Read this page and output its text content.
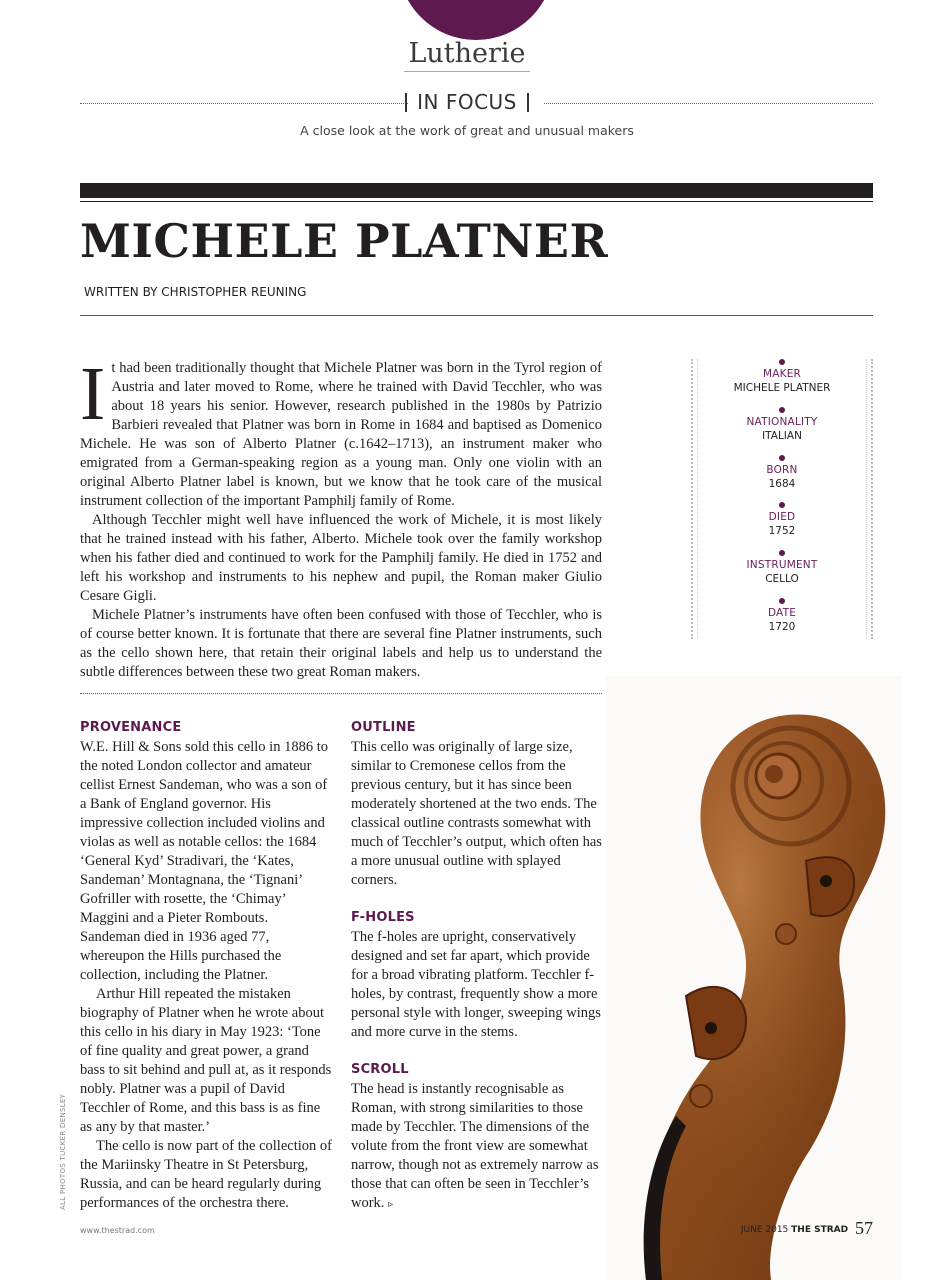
Lutherie
IN FOCUS
A close look at the work of great and unusual makers
MICHELE PLATNER
WRITTEN BY CHRISTOPHER REUNING

It had been traditionally thought that Michele Platner was born in the Tyrol region of Austria and later moved to Rome, where he trained with David Tecchler, who was about 18 years his senior. However, research published in the 1980s by Patrizio Barbieri revealed that Platner was born in Rome in 1684 and baptised as Domenico Michele. He was son of Alberto Platner (c.1642–1713), an instrument maker who emigrated from a German-speaking region as a young man. Only one violin with an original Alberto Platner label is known, but we know that he took care of the musical instrument collection of the important Pamphilj family of Rome.

Although Tecchler might well have influenced the work of Michele, it is most likely that he trained instead with his father, Alberto. Michele took over the family workshop when his father died and continued to work for the Pamphilj family. He died in 1752 and left his workshop and instruments to his nephew and pupil, the Roman maker Giulio Cesare Gigli.

Michele Platner’s instruments have often been confused with those of Tecchler, who is of course better known. It is fortunate that there are several fine Platner instruments, such as the cello shown here, that retain their original labels and help us to understand the subtle differences between these two great Roman makers.

MAKER
MICHELE PLATNER
NATIONALITY
ITALIAN
BORN
1684
DIED
1752
INSTRUMENT
CELLO
DATE
1720
PROVENANCE

W.E. Hill & Sons sold this cello in 1886 to the noted London collector and amateur cellist Ernest Sandeman, who was a son of a Bank of England governor. His impressive collection included violins and violas as well as notable cellos: the 1684 ‘General Kyd’ Stradivari, the ‘Kates, Sandeman’ Montagnana, the ‘Tignani’ Gofriller with rosette, the ‘Chimay’ Maggini and a Pieter Rombouts. Sandeman died in 1936 aged 77, whereupon the Hills purchased the collection, including the Platner.

Arthur Hill repeated the mistaken biography of Platner when he wrote about this cello in his diary in May 1923: ‘Tone of fine quality and great power, a grand bass to sit behind and pull at, as it responds nobly. Platner was a pupil of David Tecchler of Rome, and this bass is as fine as any by that master.’

The cello is now part of the collection of the Mariinsky Theatre in St Petersburg, Russia, and can be heard regularly during performances of the orchestra there.

OUTLINE

This cello was originally of large size, similar to Cremonese cellos from the previous century, but it has since been moderately shortened at the two ends. The classical outline contrasts somewhat with much of Tecchler’s output, which often has a more unusual outline with splayed corners.

F-HOLES

The f-holes are upright, conservatively designed and set far apart, which provide for a broad vibrating platform. Tecchler f-holes, by contrast, frequently show a more personal style with longer, sweeping wings and more curve in the stems.

SCROLL

The head is instantly recognisable as Roman, with strong similarities to those made by Tecchler. The dimensions of the volute from the front view are somewhat narrow, though not as extremely narrow as those that can often be seen in Tecchler’s work. ▹

ALL PHOTOS TUCKER DENSLEY
www.thestrad.com	JUNE 2015 THE STRAD 57
